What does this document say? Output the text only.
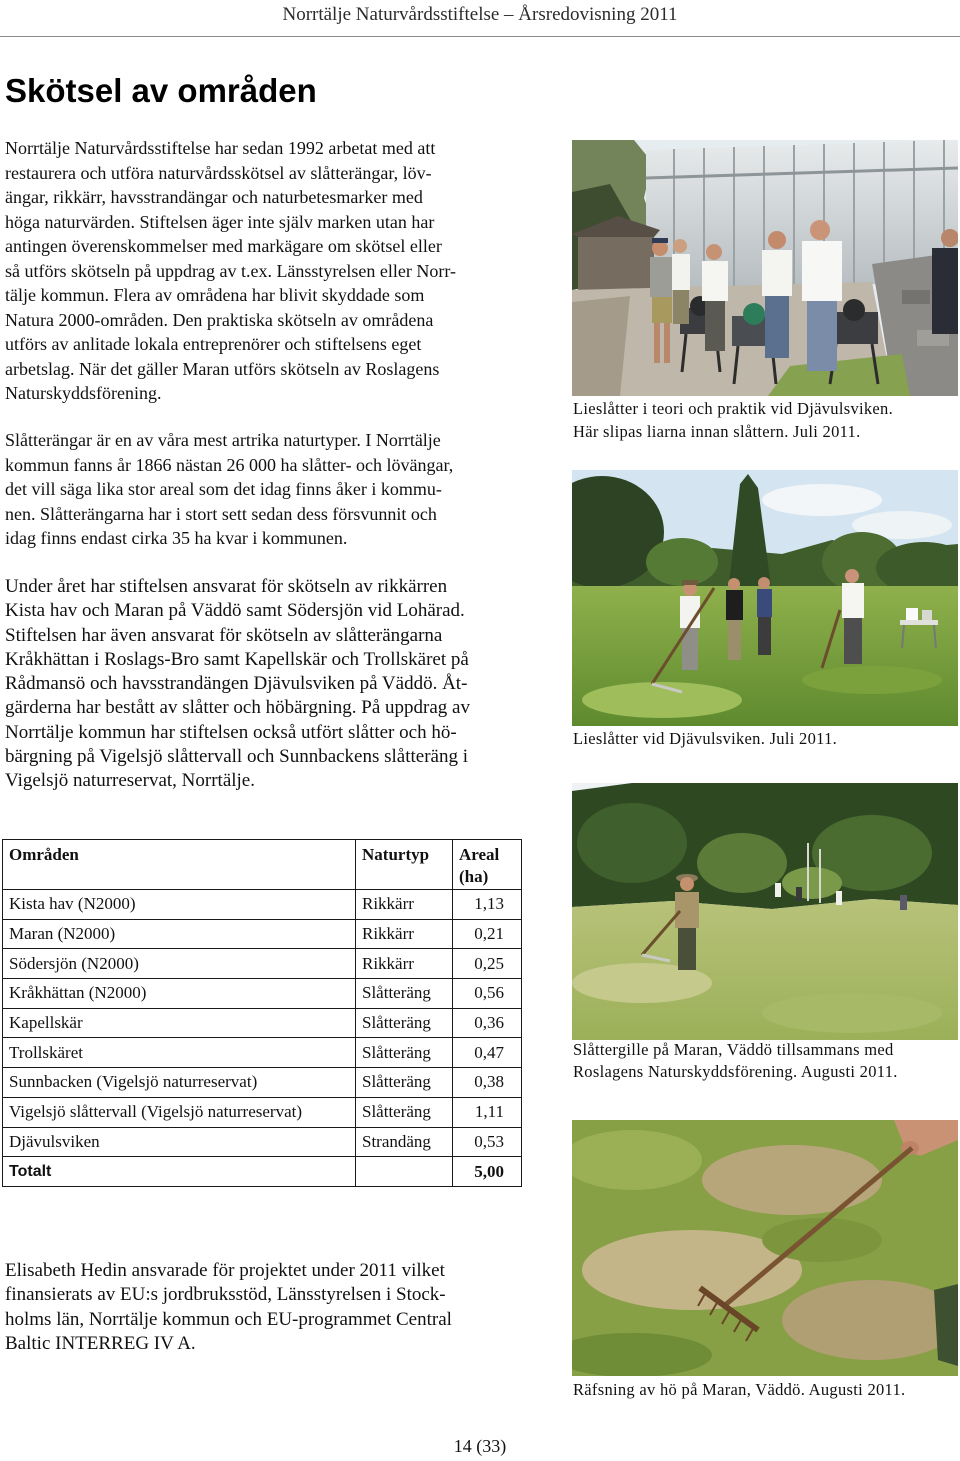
Norrtälje Naturvårdsstiftelse – Årsredovisning 2011
Skötsel av områden
Norrtälje Naturvårdsstiftelse har sedan 1992 arbetat med att
restaurera och utföra naturvårdsskötsel av slåtterängar, löv-
ängar, rikkärr, havsstrandängar och naturbetesmarker med
höga naturvärden. Stiftelsen äger inte själv marken utan har
antingen överenskommelser med markägare om skötsel eller
så utförs skötseln på uppdrag av t.ex. Länsstyrelsen eller Norr-
tälje kommun. Flera av områdena har blivit skyddade som
Natura 2000-områden. Den praktiska skötseln av områdena
utförs av anlitade lokala entreprenörer och stiftelsens eget
arbetslag. När det gäller Maran utförs skötseln av Roslagens
Naturskyddsförening.
Slåtterängar är en av våra mest artrika naturtyper. I Norrtälje
kommun fanns år 1866 nästan 26 000 ha slåtter- och lövängar,
det vill säga lika stor areal som det idag finns åker i kommu-
nen. Slåtterängarna har i stort sett sedan dess försvunnit och
idag finns endast cirka 35 ha kvar i kommunen.
Under året har stiftelsen ansvarat för skötseln av rikkärren
Kista hav och Maran på Väddö samt Södersjön vid Lohärad.
Stiftelsen har även ansvarat för skötseln av slåtterängarna
Kråkhättan i Roslags-Bro samt Kapellskär och Trollskäret på
Rådmansö och havsstrandängen Djävulsviken på Väddö. Åt-
gärderna har bestått av slåtter och höbärgning. På uppdrag av
Norrtälje kommun har stiftelsen också utfört slåtter och hö-
bärgning på Vigelsjö slåttervall och Sunnbackens slåtteräng i
Vigelsjö naturreservat, Norrtälje.
Områden	Naturtyp	Areal
(ha)

Kista hav (N2000)	Rikkärr	1,13
Maran (N2000)	Rikkärr	0,21
Södersjön (N2000)	Rikkärr	0,25
Kråkhättan (N2000)	Slåtteräng	0,56
Kapellskär	Slåtteräng	0,36
Trollskäret	Slåtteräng	0,47
Sunnbacken (Vigelsjö naturreservat)	Slåtteräng	0,38
Vigelsjö slåttervall (Vigelsjö naturreservat)	Slåtteräng	1,11
Djävulsviken	Strandäng	0,53
Totalt		5,00
Elisabeth Hedin ansvarade för projektet under 2011 vilket
finansierats av EU:s jordbruksstöd, Länsstyrelsen i Stock-
holms län, Norrtälje kommun och EU-programmet Central
Baltic INTERREG IV A.
Lieslåtter i teori och praktik vid Djävulsviken.
Här slipas liarna innan slåttern. Juli 2011.
Lieslåtter vid Djävulsviken. Juli 2011.
Slåttergille på Maran, Väddö tillsammans med
Roslagens Naturskyddsförening. Augusti 2011.
Räfsning av hö på Maran, Väddö. Augusti 2011.
14 (33)
